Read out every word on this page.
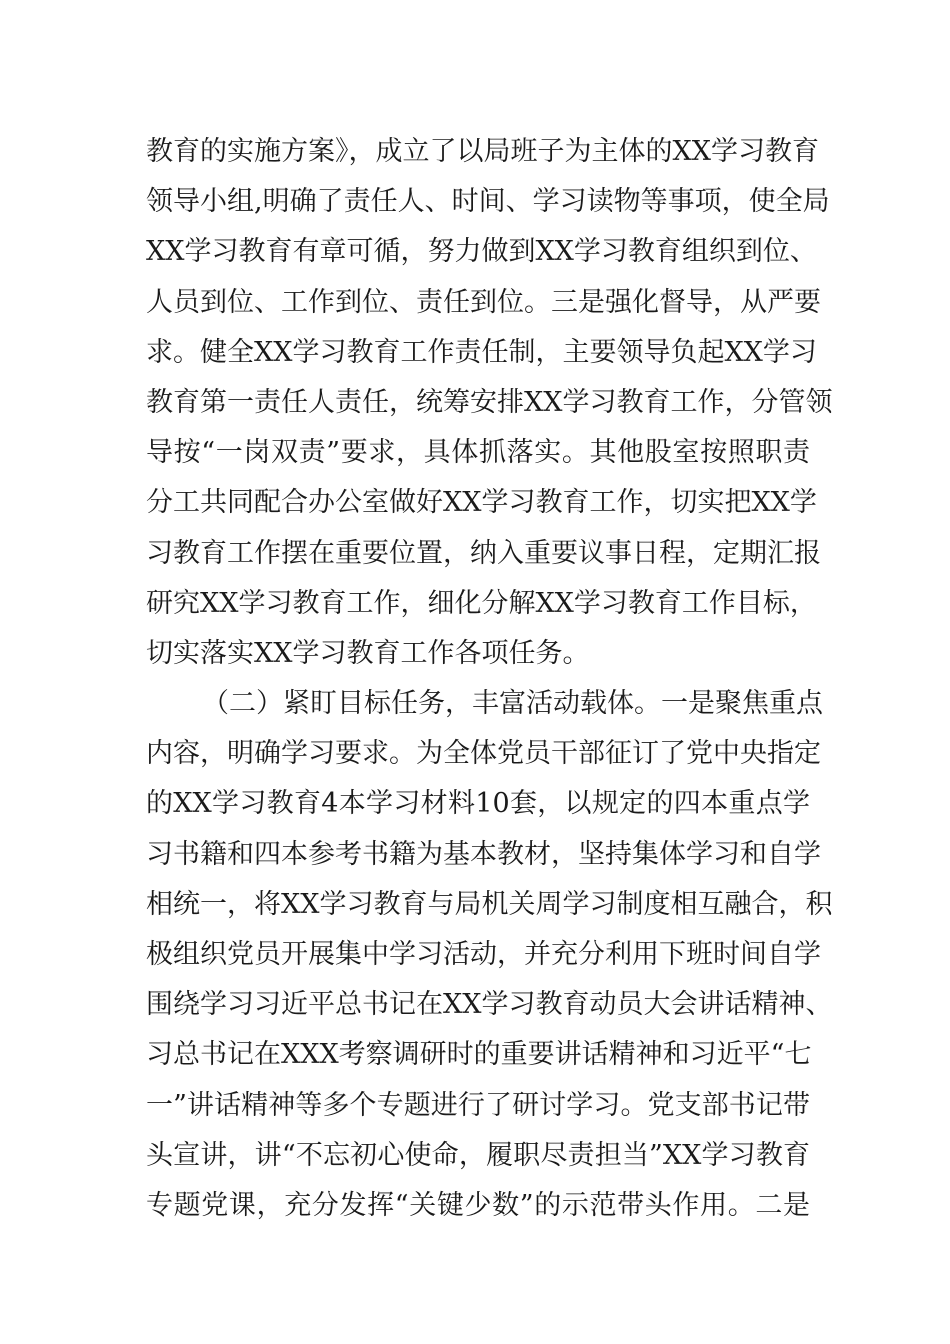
教育的实施方案》，成立了以局班子为主体的XX学习教育
领导小组,明确了责任人、时间、学习读物等事项，使全局
XX学习教育有章可循，努力做到XX学习教育组织到位、
人员到位、工作到位、责任到位。三是强化督导，从严要
求。健全XX学习教育工作责任制，主要领导负起XX学习
教育第一责任人责任，统筹安排XX学习教育工作，分管领
导按“一岗双责”要求，具体抓落实。其他股室按照职责
分工共同配合办公室做好XX学习教育工作，切实把XX学
习教育工作摆在重要位置，纳入重要议事日程，定期汇报
研究XX学习教育工作，细化分解XX学习教育工作目标，
切实落实XX学习教育工作各项任务。
（二）紧盯目标任务，丰富活动载体。一是聚焦重点
内容，明确学习要求。为全体党员干部征订了党中央指定
的XX学习教育4本学习材料10套，以规定的四本重点学
习书籍和四本参考书籍为基本教材，坚持集体学习和自学
相统一，将XX学习教育与局机关周学习制度相互融合，积
极组织党员开展集中学习活动，并充分利用下班时间自学
围绕学习习近平总书记在XX学习教育动员大会讲话精神、
习总书记在XXX考察调研时的重要讲话精神和习近平“七
一”讲话精神等多个专题进行了研讨学习。党支部书记带
头宣讲，讲“不忘初心使命，履职尽责担当”XX学习教育
专题党课，充分发挥“关键少数”的示范带头作用。二是
